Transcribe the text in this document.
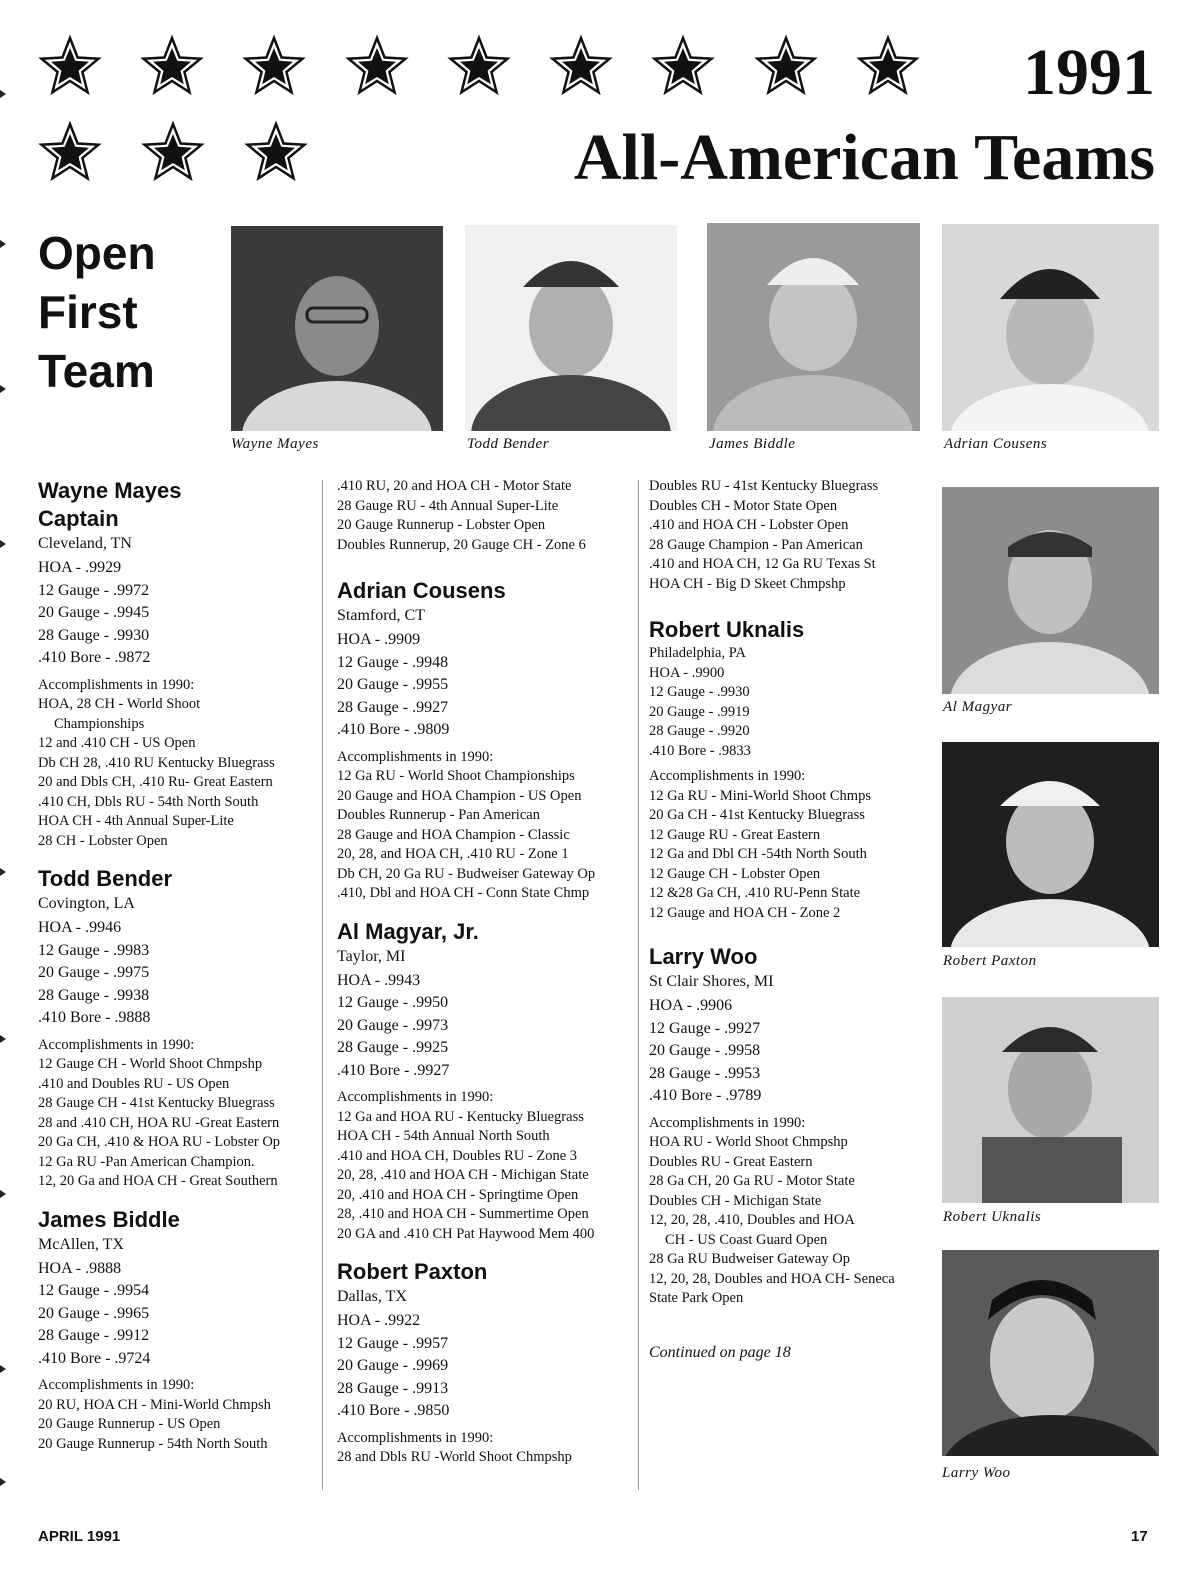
1991
All-American Teams
Open
First
Team
Wayne Mayes	Todd Bender	James Biddle	Adrian Cousens
Al Magyar
Robert Paxton
Robert Uknalis
Larry Woo
Wayne Mayes
Captain
Cleveland, TN
HOA - .9929
12 Gauge - .9972
20 Gauge - .9945
28 Gauge - .9930
.410 Bore - .9872
Accomplishments in 1990:
HOA, 28 CH - World Shoot
Championships
12 and .410 CH - US Open
Db CH 28, .410 RU Kentucky Bluegrass
20 and Dbls CH, .410 Ru- Great Eastern
.410 CH, Dbls RU - 54th North South
HOA CH - 4th Annual Super-Lite
28 CH - Lobster Open
Todd Bender
Covington, LA
HOA - .9946
12 Gauge - .9983
20 Gauge - .9975
28 Gauge - .9938
.410 Bore - .9888
Accomplishments in 1990:
12 Gauge CH - World Shoot Chmpshp
.410 and Doubles RU - US Open
28 Gauge CH - 41st Kentucky Bluegrass
28 and .410 CH, HOA RU -Great Eastern
20 Ga CH, .410 & HOA RU - Lobster Op
12 Ga RU -Pan American Champion.
12, 20 Ga and HOA CH - Great Southern
James Biddle
McAllen, TX
HOA - .9888
12 Gauge - .9954
20 Gauge - .9965
28 Gauge - .9912
.410 Bore - .9724
Accomplishments in 1990:
20 RU, HOA CH - Mini-World Chmpsh
20 Gauge Runnerup - US Open
20 Gauge Runnerup - 54th North South
.410 RU, 20 and HOA CH - Motor State
28 Gauge RU - 4th Annual Super-Lite
20 Gauge Runnerup - Lobster Open
Doubles Runnerup, 20 Gauge CH - Zone 6
Adrian Cousens
Stamford, CT
HOA - .9909
12 Gauge - .9948
20 Gauge - .9955
28 Gauge - .9927
.410 Bore - .9809
Accomplishments in 1990:
12 Ga RU - World Shoot Championships
20 Gauge and HOA Champion - US Open
Doubles Runnerup - Pan American
28 Gauge and HOA Champion - Classic
20, 28, and HOA CH, .410 RU - Zone 1
Db CH, 20 Ga RU - Budweiser Gateway Op
.410, Dbl and HOA CH - Conn State Chmp
Al Magyar, Jr.
Taylor, MI
HOA - .9943
12 Gauge - .9950
20 Gauge - .9973
28 Gauge - .9925
.410 Bore - .9927
Accomplishments in 1990:
12 Ga and HOA RU - Kentucky Bluegrass
HOA CH - 54th Annual North South
.410 and HOA CH, Doubles RU - Zone 3
20, 28, .410 and HOA CH - Michigan State
20, .410 and HOA CH - Springtime Open
28, .410 and HOA CH - Summertime Open
20 GA and .410 CH Pat Haywood Mem 400
Robert Paxton
Dallas, TX
HOA - .9922
12 Gauge - .9957
20 Gauge - .9969
28 Gauge - .9913
.410 Bore - .9850
Accomplishments in 1990:
28 and Dbls RU -World Shoot Chmpshp
Doubles RU - 41st Kentucky Bluegrass
Doubles CH - Motor State Open
.410 and HOA CH - Lobster Open
28 Gauge Champion - Pan American
.410 and HOA CH, 12 Ga RU Texas St
HOA CH - Big D Skeet Chmpshp
Robert Uknalis
Philadelphia, PA
HOA - .9900
12 Gauge - .9930
20 Gauge - .9919
28 Gauge - .9920
.410 Bore - .9833
Accomplishments in 1990:
12 Ga RU - Mini-World Shoot Chmps
20 Ga CH - 41st Kentucky Bluegrass
12 Gauge RU - Great Eastern
12 Ga and Dbl CH -54th North South
12 Gauge CH - Lobster Open
12 &28 Ga CH, .410 RU-Penn State
12 Gauge and HOA CH - Zone 2
Larry Woo
St Clair Shores, MI
HOA - .9906
12 Gauge - .9927
20 Gauge - .9958
28 Gauge - .9953
.410 Bore - .9789
Accomplishments in 1990:
HOA RU - World Shoot Chmpshp
Doubles RU - Great Eastern
28 Ga CH, 20 Ga RU - Motor State
Doubles CH - Michigan State
12, 20, 28, .410, Doubles and HOA
CH - US Coast Guard Open
28 Ga RU Budweiser Gateway Op
12, 20, 28, Doubles and HOA CH- Seneca
State Park Open
Continued on page 18
APRIL 1991	17
